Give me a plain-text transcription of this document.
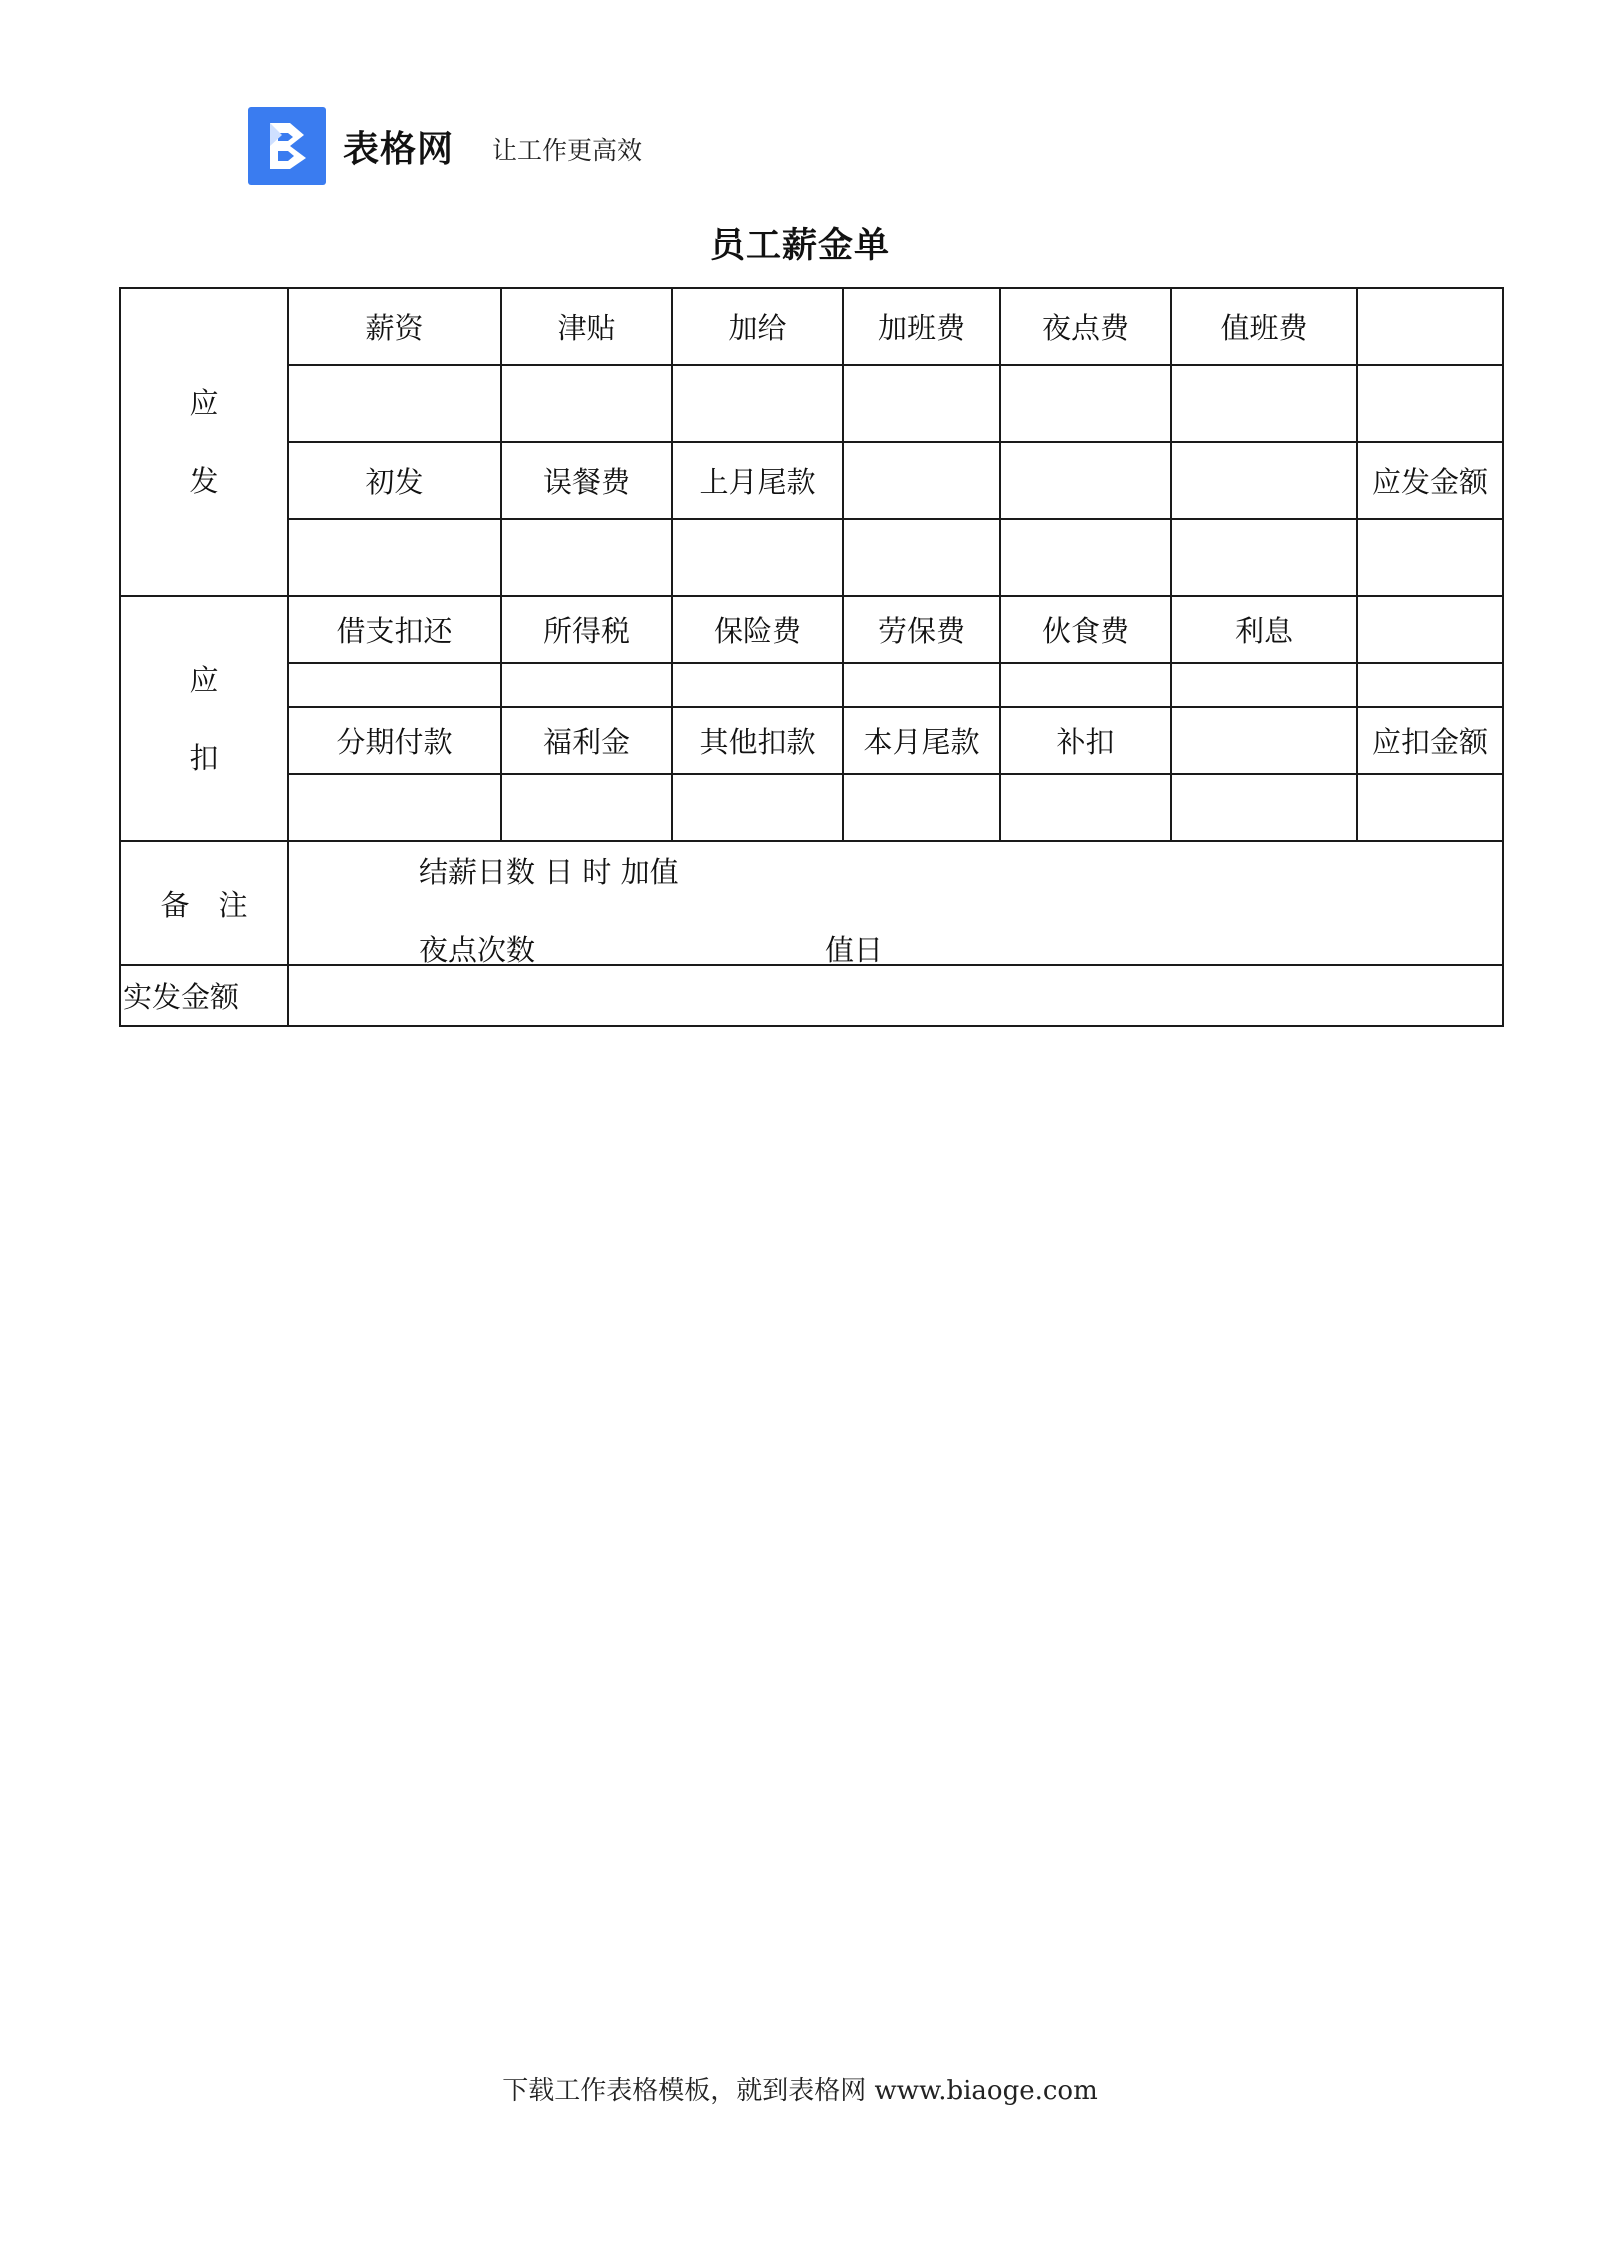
表格网 让工作更高效
员工薪金单
应
发	薪资	津贴	加给	加班费	夜点费	值班费	

	初发	误餐费	上月尾款				应发金额

应
扣	借支扣还	所得税	保险费	劳保费	伙食费	利息	

	分期付款	福利金	其他扣款	本月尾款	补扣		应扣金额

备　注	结薪日数 日 时 加值
夜点次数 值日						

实发金额							
下载工作表格模板，就到表格网 www.biaoge.com
